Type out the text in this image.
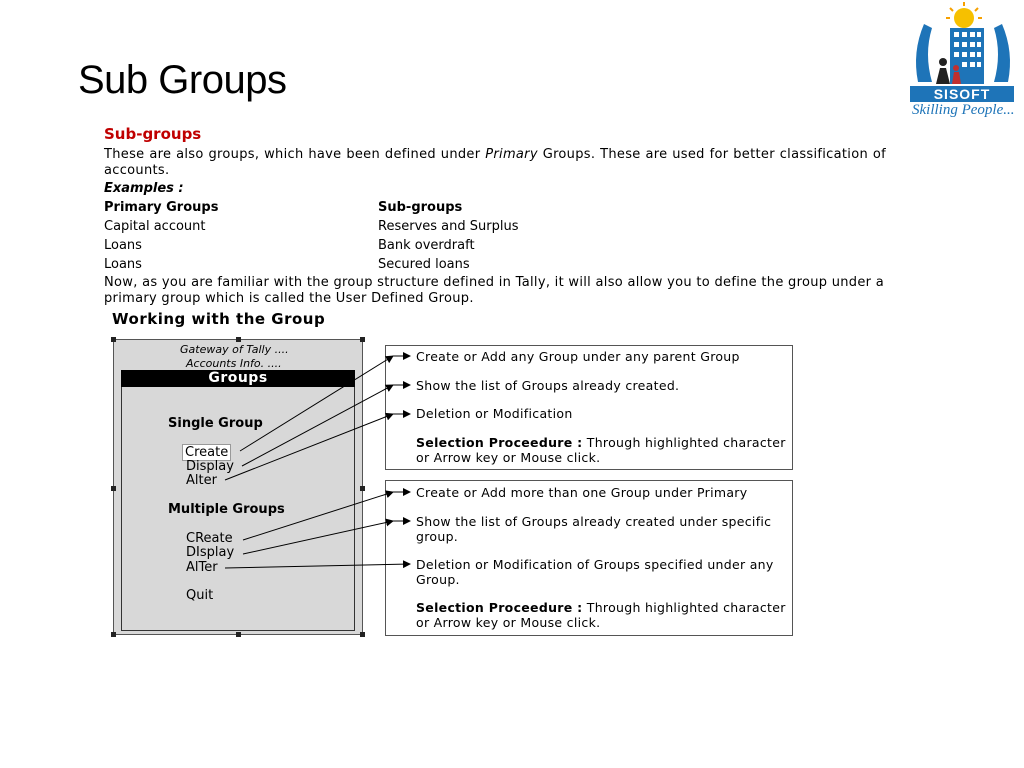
Sub Groups	SISOFT
Skilling People...
Sub-groups
These are also groups, which have been defined under Primary Groups. These are used for better classification of accounts.
Examples :
Primary Groups	Sub-groups
Capital account	Reserves and Surplus
Loans	Bank overdraft
Loans	Secured loans
Now, as you are familiar with the group structure defined in Tally, it will also allow you to define the group under a primary group which is called the User Defined Group.
Working with the Group
Gateway of Tally ....
Accounts Info. ....
Groups
Single Group
Create
Display
Alter
Multiple Groups
CReate
DIsplay
AlTer
Quit
Create or Add any Group under any parent Group
Show the list of Groups already created.
Deletion or Modification
Selection Proceedure : Through highlighted character
or Arrow key or Mouse click.
Create or Add more than one Group under Primary
Show the list of Groups already created under specific
group.
Deletion or Modification of Groups specified under any
Group.
Selection Proceedure : Through highlighted character
or Arrow key or Mouse click.
